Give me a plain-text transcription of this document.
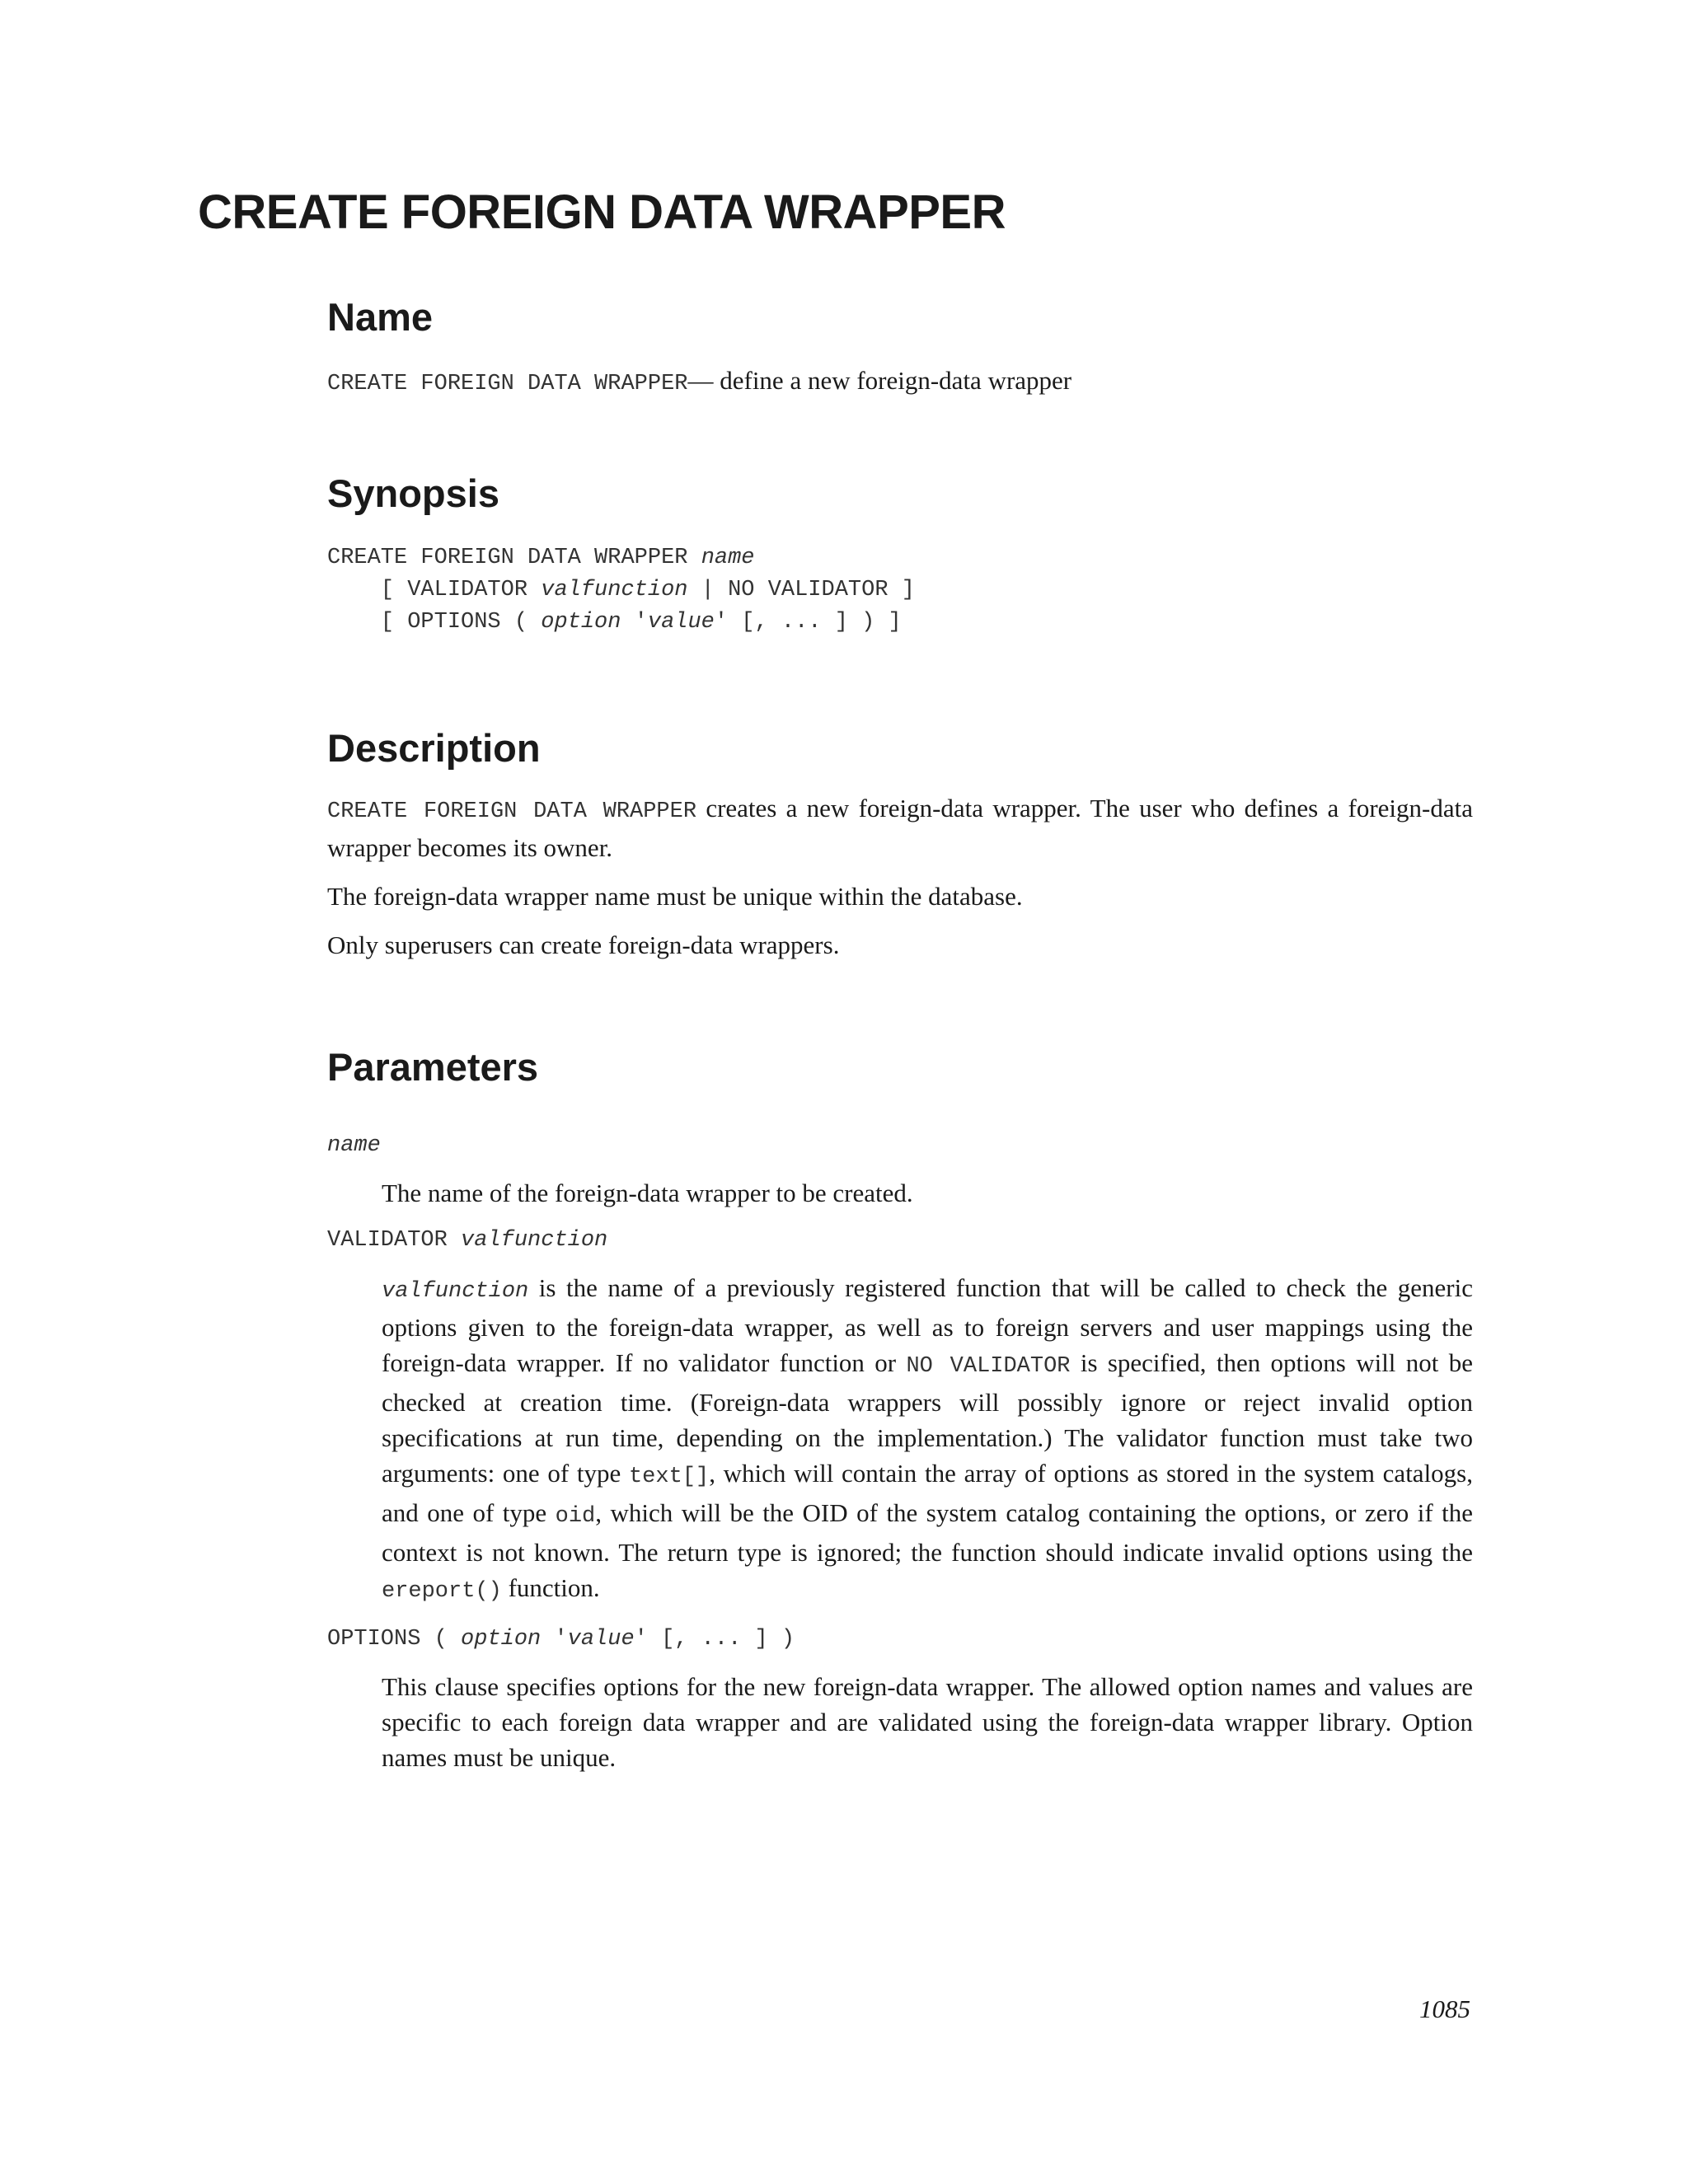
CREATE FOREIGN DATA WRAPPER
Name
CREATE FOREIGN DATA WRAPPER— define a new foreign-data wrapper
Synopsis
CREATE FOREIGN DATA WRAPPER name
[ VALIDATOR valfunction | NO VALIDATOR ]
[ OPTIONS ( option 'value' [, ... ] ) ]
Description

CREATE FOREIGN DATA WRAPPER creates a new foreign-data wrapper. The user who defines a foreign-data wrapper becomes its owner.

The foreign-data wrapper name must be unique within the database.

Only superusers can create foreign-data wrappers.

Parameters
name

The name of the foreign-data wrapper to be created.

VALIDATOR valfunction

valfunction is the name of a previously registered function that will be called to check the generic options given to the foreign-data wrapper, as well as to foreign servers and user mappings using the foreign-data wrapper. If no validator function or NO VALIDATOR is specified, then options will not be checked at creation time. (Foreign-data wrappers will possibly ignore or reject invalid option specifications at run time, depending on the implementation.) The validator function must take two arguments: one of type text[], which will contain the array of options as stored in the system catalogs, and one of type oid, which will be the OID of the system catalog containing the options, or zero if the context is not known. The return type is ignored; the function should indicate invalid options using the ereport() function.

OPTIONS ( option 'value' [, ... ] )

This clause specifies options for the new foreign-data wrapper. The allowed option names and values are specific to each foreign data wrapper and are validated using the foreign-data wrapper library. Option names must be unique.

1085
